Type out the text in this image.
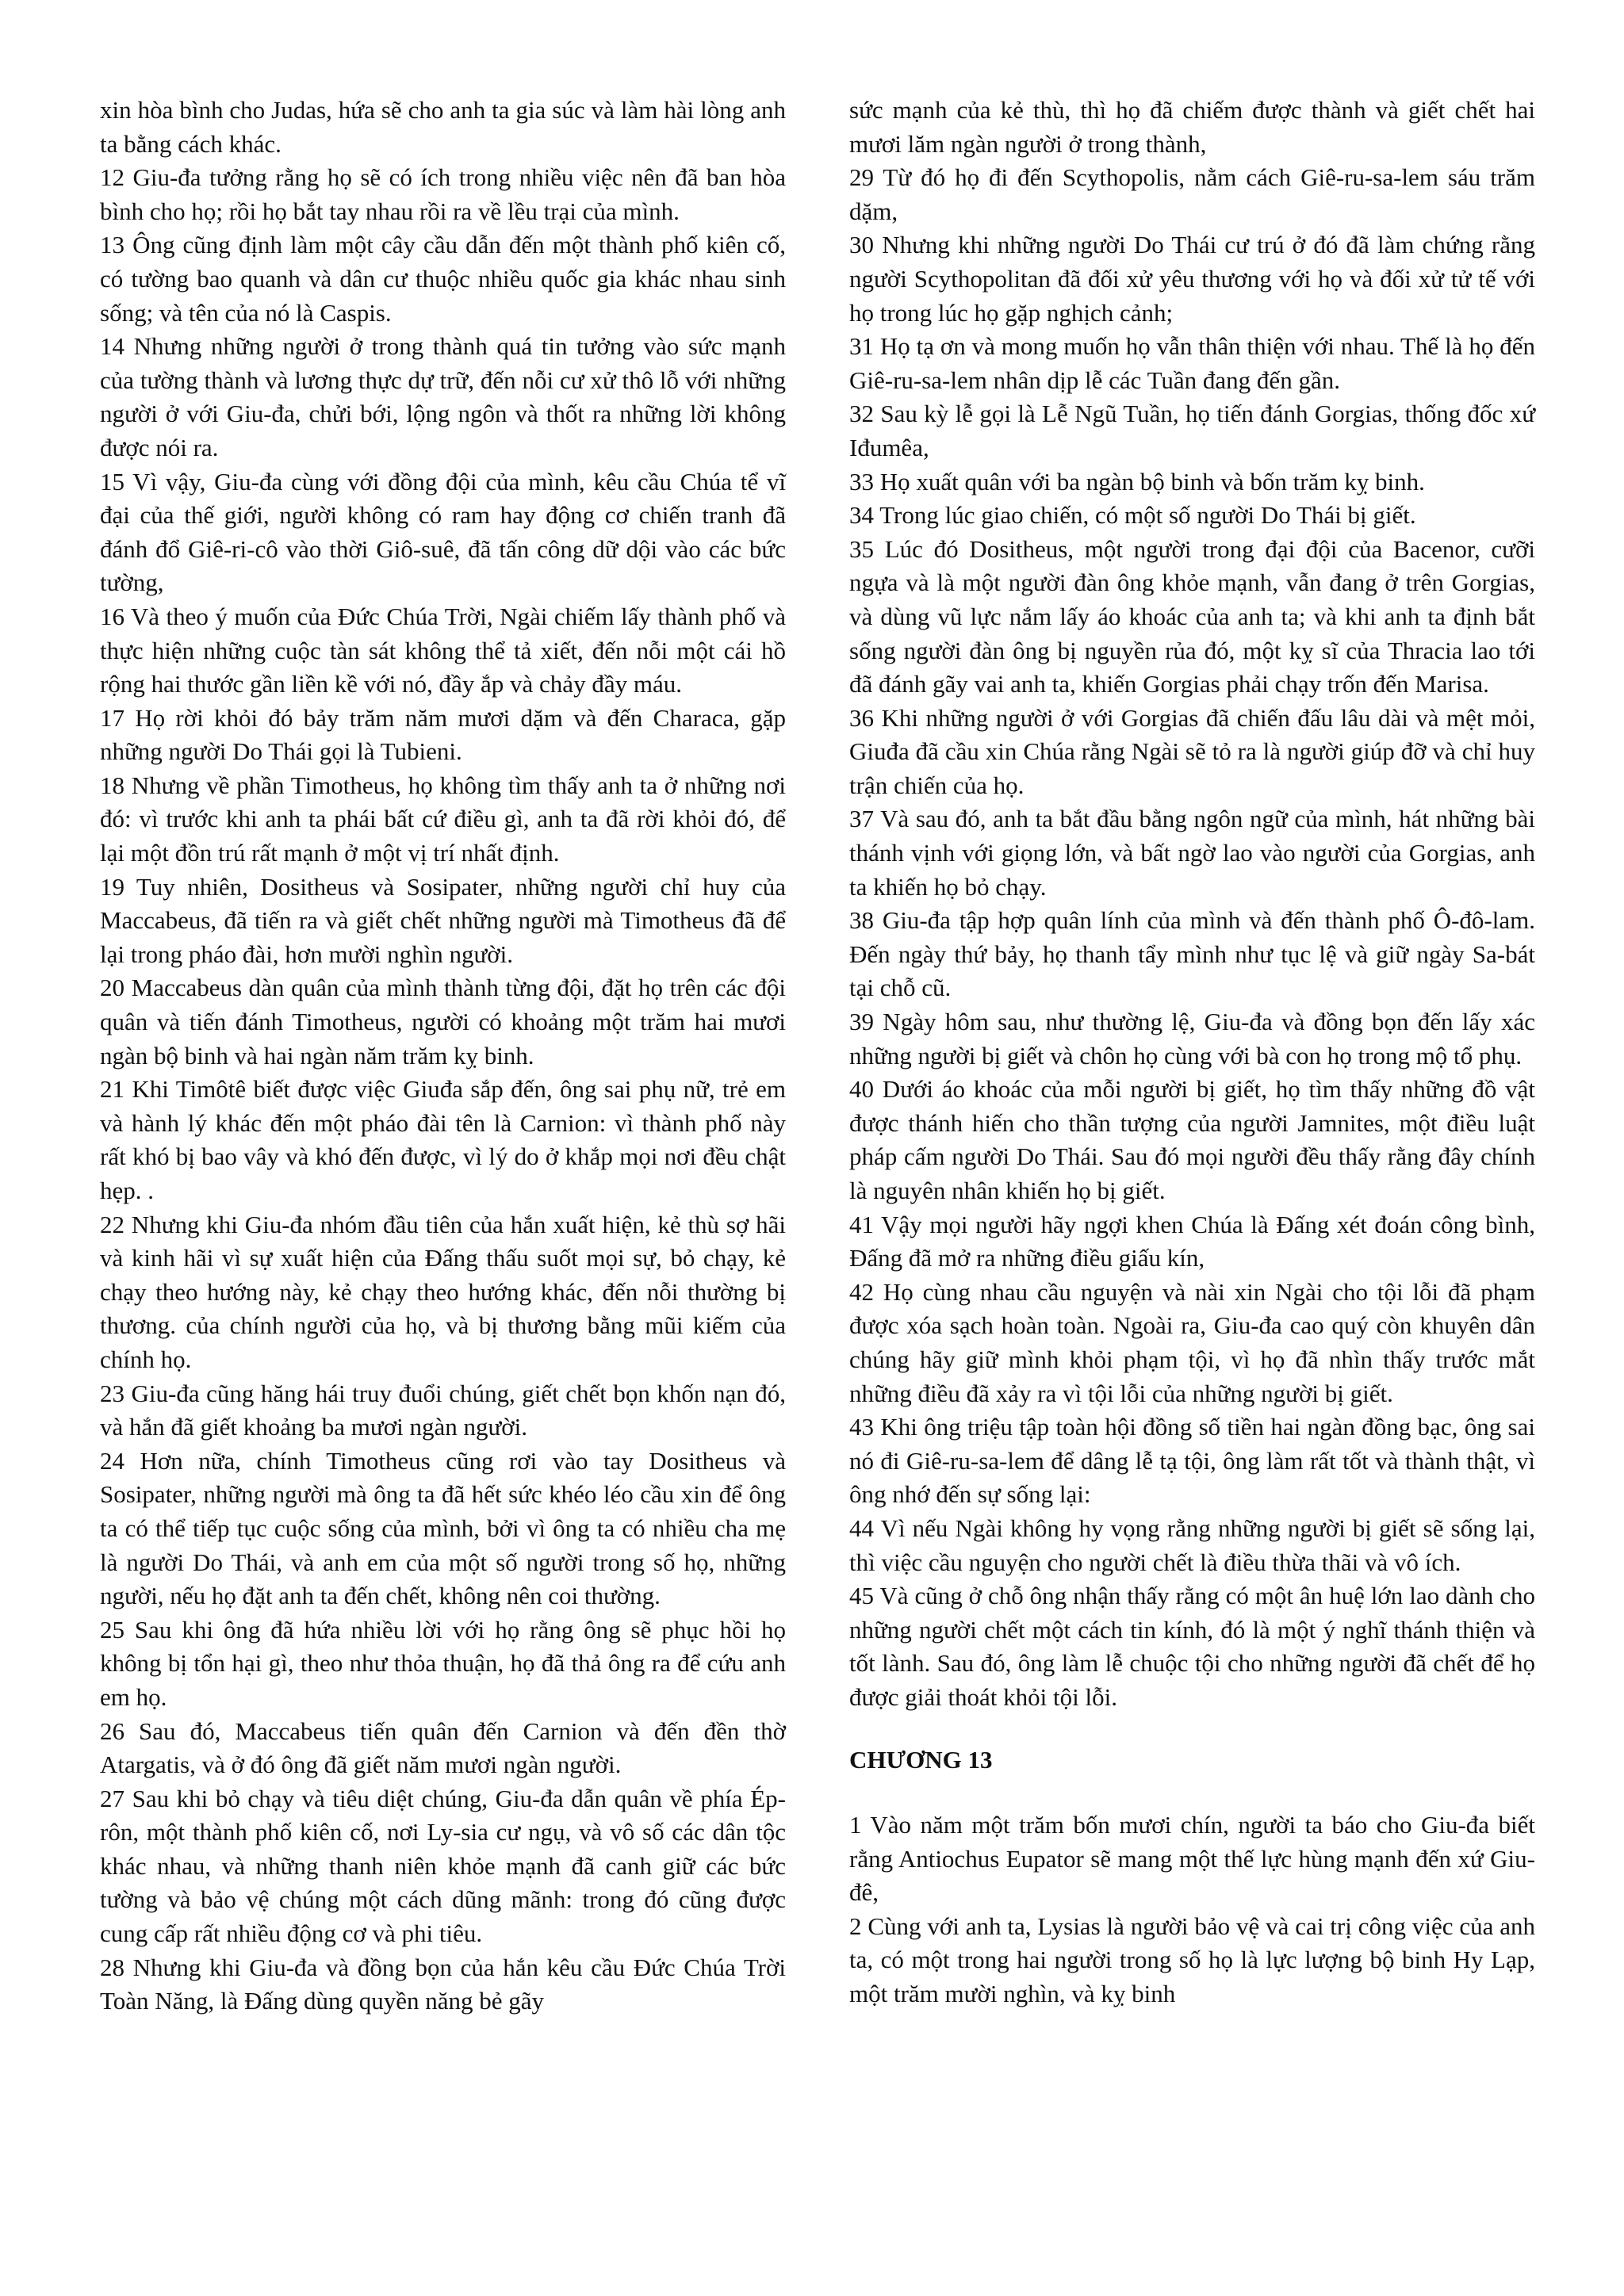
xin hòa bình cho Judas, hứa sẽ cho anh ta gia súc và làm hài lòng anh ta bằng cách khác.

12 Giu-đa tưởng rằng họ sẽ có ích trong nhiều việc nên đã ban hòa bình cho họ; rồi họ bắt tay nhau rồi ra về lều trại của mình.

13 Ông cũng định làm một cây cầu dẫn đến một thành phố kiên cố, có tường bao quanh và dân cư thuộc nhiều quốc gia khác nhau sinh sống; và tên của nó là Caspis.

14 Nhưng những người ở trong thành quá tin tưởng vào sức mạnh của tường thành và lương thực dự trữ, đến nỗi cư xử thô lỗ với những người ở với Giu-đa, chửi bới, lộng ngôn và thốt ra những lời không được nói ra.

15 Vì vậy, Giu-đa cùng với đồng đội của mình, kêu cầu Chúa tể vĩ đại của thế giới, người không có ram hay động cơ chiến tranh đã đánh đổ Giê-ri-cô vào thời Giô-suê, đã tấn công dữ dội vào các bức tường,

16 Và theo ý muốn của Đức Chúa Trời, Ngài chiếm lấy thành phố và thực hiện những cuộc tàn sát không thể tả xiết, đến nỗi một cái hồ rộng hai thước gần liền kề với nó, đầy ắp và chảy đầy máu.

17 Họ rời khỏi đó bảy trăm năm mươi dặm và đến Characa, gặp những người Do Thái gọi là Tubieni.

18 Nhưng về phần Timotheus, họ không tìm thấy anh ta ở những nơi đó: vì trước khi anh ta phái bất cứ điều gì, anh ta đã rời khỏi đó, để lại một đồn trú rất mạnh ở một vị trí nhất định.

19 Tuy nhiên, Dositheus và Sosipater, những người chỉ huy của Maccabeus, đã tiến ra và giết chết những người mà Timotheus đã để lại trong pháo đài, hơn mười nghìn người.

20 Maccabeus dàn quân của mình thành từng đội, đặt họ trên các đội quân và tiến đánh Timotheus, người có khoảng một trăm hai mươi ngàn bộ binh và hai ngàn năm trăm kỵ binh.

21 Khi Timôtê biết được việc Giuđa sắp đến, ông sai phụ nữ, trẻ em và hành lý khác đến một pháo đài tên là Carnion: vì thành phố này rất khó bị bao vây và khó đến được, vì lý do ở khắp mọi nơi đều chật hẹp. .

22 Nhưng khi Giu-đa nhóm đầu tiên của hắn xuất hiện, kẻ thù sợ hãi và kinh hãi vì sự xuất hiện của Đấng thấu suốt mọi sự, bỏ chạy, kẻ chạy theo hướng này, kẻ chạy theo hướng khác, đến nỗi thường bị thương. của chính người của họ, và bị thương bằng mũi kiếm của chính họ.

23 Giu-đa cũng hăng hái truy đuổi chúng, giết chết bọn khốn nạn đó, và hắn đã giết khoảng ba mươi ngàn người.

24 Hơn nữa, chính Timotheus cũng rơi vào tay Dositheus và Sosipater, những người mà ông ta đã hết sức khéo léo cầu xin để ông ta có thể tiếp tục cuộc sống của mình, bởi vì ông ta có nhiều cha mẹ là người Do Thái, và anh em của một số người trong số họ, những người, nếu họ đặt anh ta đến chết, không nên coi thường.

25 Sau khi ông đã hứa nhiều lời với họ rằng ông sẽ phục hồi họ không bị tổn hại gì, theo như thỏa thuận, họ đã thả ông ra để cứu anh em họ.

26 Sau đó, Maccabeus tiến quân đến Carnion và đến đền thờ Atargatis, và ở đó ông đã giết năm mươi ngàn người.

27 Sau khi bỏ chạy và tiêu diệt chúng, Giu-đa dẫn quân về phía Ép-rôn, một thành phố kiên cố, nơi Ly-sia cư ngụ, và vô số các dân tộc khác nhau, và những thanh niên khỏe mạnh đã canh giữ các bức tường và bảo vệ chúng một cách dũng mãnh: trong đó cũng được cung cấp rất nhiều động cơ và phi tiêu.

28 Nhưng khi Giu-đa và đồng bọn của hắn kêu cầu Đức Chúa Trời Toàn Năng, là Đấng dùng quyền năng bẻ gãy

sức mạnh của kẻ thù, thì họ đã chiếm được thành và giết chết hai mươi lăm ngàn người ở trong thành,

29 Từ đó họ đi đến Scythopolis, nằm cách Giê-ru-sa-lem sáu trăm dặm,

30 Nhưng khi những người Do Thái cư trú ở đó đã làm chứng rằng người Scythopolitan đã đối xử yêu thương với họ và đối xử tử tế với họ trong lúc họ gặp nghịch cảnh;

31 Họ tạ ơn và mong muốn họ vẫn thân thiện với nhau. Thế là họ đến Giê-ru-sa-lem nhân dịp lễ các Tuần đang đến gần.

32 Sau kỳ lễ gọi là Lễ Ngũ Tuần, họ tiến đánh Gorgias, thống đốc xứ Iđumêa,

33 Họ xuất quân với ba ngàn bộ binh và bốn trăm kỵ binh.

34 Trong lúc giao chiến, có một số người Do Thái bị giết.

35 Lúc đó Dositheus, một người trong đại đội của Bacenor, cưỡi ngựa và là một người đàn ông khỏe mạnh, vẫn đang ở trên Gorgias, và dùng vũ lực nắm lấy áo khoác của anh ta; và khi anh ta định bắt sống người đàn ông bị nguyền rủa đó, một kỵ sĩ của Thracia lao tới đã đánh gãy vai anh ta, khiến Gorgias phải chạy trốn đến Marisa.

36 Khi những người ở với Gorgias đã chiến đấu lâu dài và mệt mỏi, Giuđa đã cầu xin Chúa rằng Ngài sẽ tỏ ra là người giúp đỡ và chỉ huy trận chiến của họ.

37 Và sau đó, anh ta bắt đầu bằng ngôn ngữ của mình, hát những bài thánh vịnh với giọng lớn, và bất ngờ lao vào người của Gorgias, anh ta khiến họ bỏ chạy.

38 Giu-đa tập hợp quân lính của mình và đến thành phố Ô-đô-lam. Đến ngày thứ bảy, họ thanh tẩy mình như tục lệ và giữ ngày Sa-bát tại chỗ cũ.

39 Ngày hôm sau, như thường lệ, Giu-đa và đồng bọn đến lấy xác những người bị giết và chôn họ cùng với bà con họ trong mộ tổ phụ.

40 Dưới áo khoác của mỗi người bị giết, họ tìm thấy những đồ vật được thánh hiến cho thần tượng của người Jamnites, một điều luật pháp cấm người Do Thái. Sau đó mọi người đều thấy rằng đây chính là nguyên nhân khiến họ bị giết.

41 Vậy mọi người hãy ngợi khen Chúa là Đấng xét đoán công bình, Đấng đã mở ra những điều giấu kín,

42 Họ cùng nhau cầu nguyện và nài xin Ngài cho tội lỗi đã phạm được xóa sạch hoàn toàn. Ngoài ra, Giu-đa cao quý còn khuyên dân chúng hãy giữ mình khỏi phạm tội, vì họ đã nhìn thấy trước mắt những điều đã xảy ra vì tội lỗi của những người bị giết.

43 Khi ông triệu tập toàn hội đồng số tiền hai ngàn đồng bạc, ông sai nó đi Giê-ru-sa-lem để dâng lễ tạ tội, ông làm rất tốt và thành thật, vì ông nhớ đến sự sống lại:

44 Vì nếu Ngài không hy vọng rằng những người bị giết sẽ sống lại, thì việc cầu nguyện cho người chết là điều thừa thãi và vô ích.

45 Và cũng ở chỗ ông nhận thấy rằng có một ân huệ lớn lao dành cho những người chết một cách tin kính, đó là một ý nghĩ thánh thiện và tốt lành. Sau đó, ông làm lễ chuộc tội cho những người đã chết để họ được giải thoát khỏi tội lỗi.

CHƯƠNG 13

1 Vào năm một trăm bốn mươi chín, người ta báo cho Giu-đa biết rằng Antiochus Eupator sẽ mang một thế lực hùng mạnh đến xứ Giu-đê,

2 Cùng với anh ta, Lysias là người bảo vệ và cai trị công việc của anh ta, có một trong hai người trong số họ là lực lượng bộ binh Hy Lạp, một trăm mười nghìn, và kỵ binh
